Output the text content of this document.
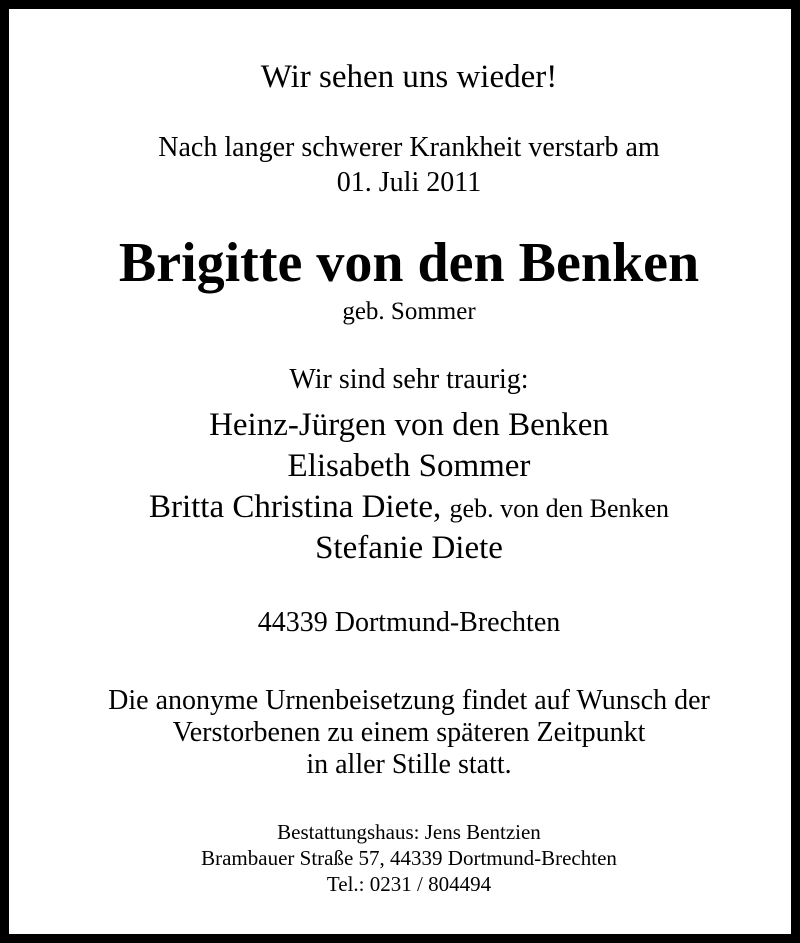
Wir sehen uns wieder!
Nach langer schwerer Krankheit verstarb am
01. Juli 2011
Brigitte von den Benken
geb. Sommer
Wir sind sehr traurig:
Heinz-Jürgen von den Benken
Elisabeth Sommer
Britta Christina Diete, geb. von den Benken
Stefanie Diete
44339 Dortmund-Brechten
Die anonyme Urnenbeisetzung findet auf Wunsch der
Verstorbenen zu einem späteren Zeitpunkt
in aller Stille statt.
Bestattungshaus: Jens Bentzien
Brambauer Straße 57, 44339 Dortmund-Brechten
Tel.: 0231 / 804494
